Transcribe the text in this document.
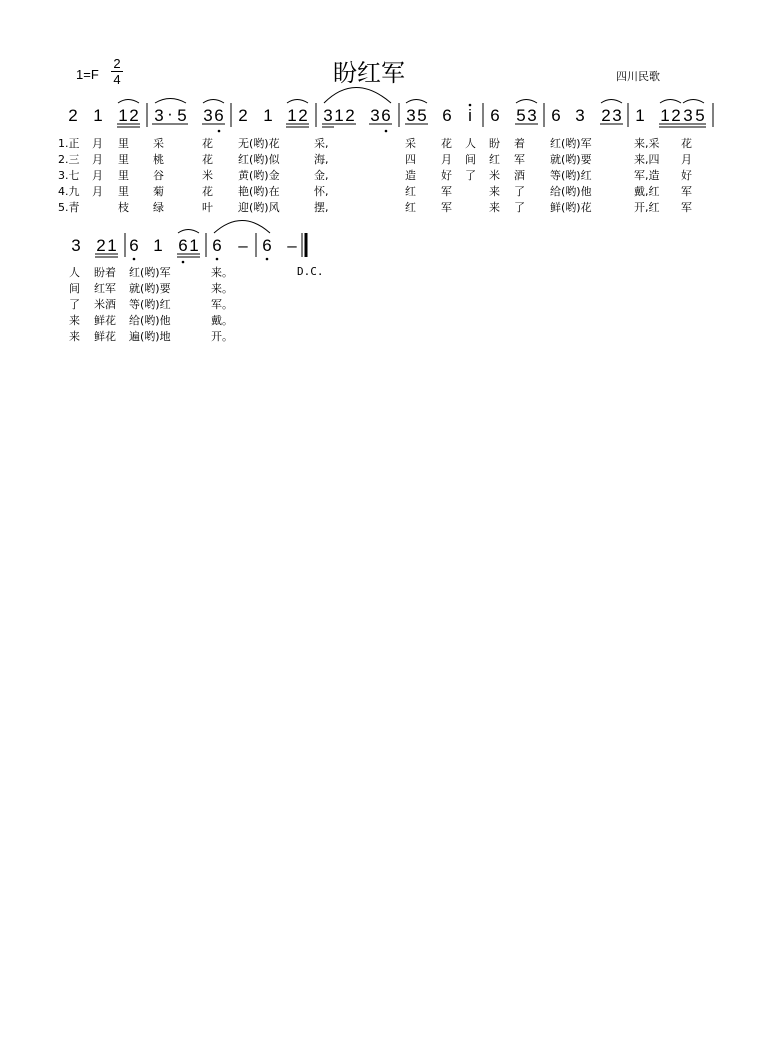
盼红军
1=F
2
4	四川民歌
2 1 1 2 3 · 5 3 6 2 1 1 2 3 1 2 3 6 3 5 6 i 6 5 3 6 3 2 3 1 1 2 3 5
1.正 月 里 采	花 无(哟)花	采,	采 花 人 盼 着 红(哟)军	来,采 花
2.三 月 里 桃	花 红(哟)似	海,	四 月 间 红 军 就(哟)要	来,四 月
3.七 月 里 谷	米 黄(哟)金	金,	造 好 了 米 酒 等(哟)红	军,造 好
4.九 月 里 菊	花 艳(哟)在	怀,	红 军	来 了 给(哟)他	戴,红 军
5.青	枝 绿	叶 迎(哟)风	摆,	红 军	来 了 鲜(哟)花	开,红 军
3 2 1 6 1 6 1 6 – 6 –
D.C.
人 盼着 红(哟)军	来。
间 红军 就(哟)要	来。
了 米酒 等(哟)红	军。
来 鲜花 给(哟)他	戴。
来 鲜花 遍(哟)地	开。
